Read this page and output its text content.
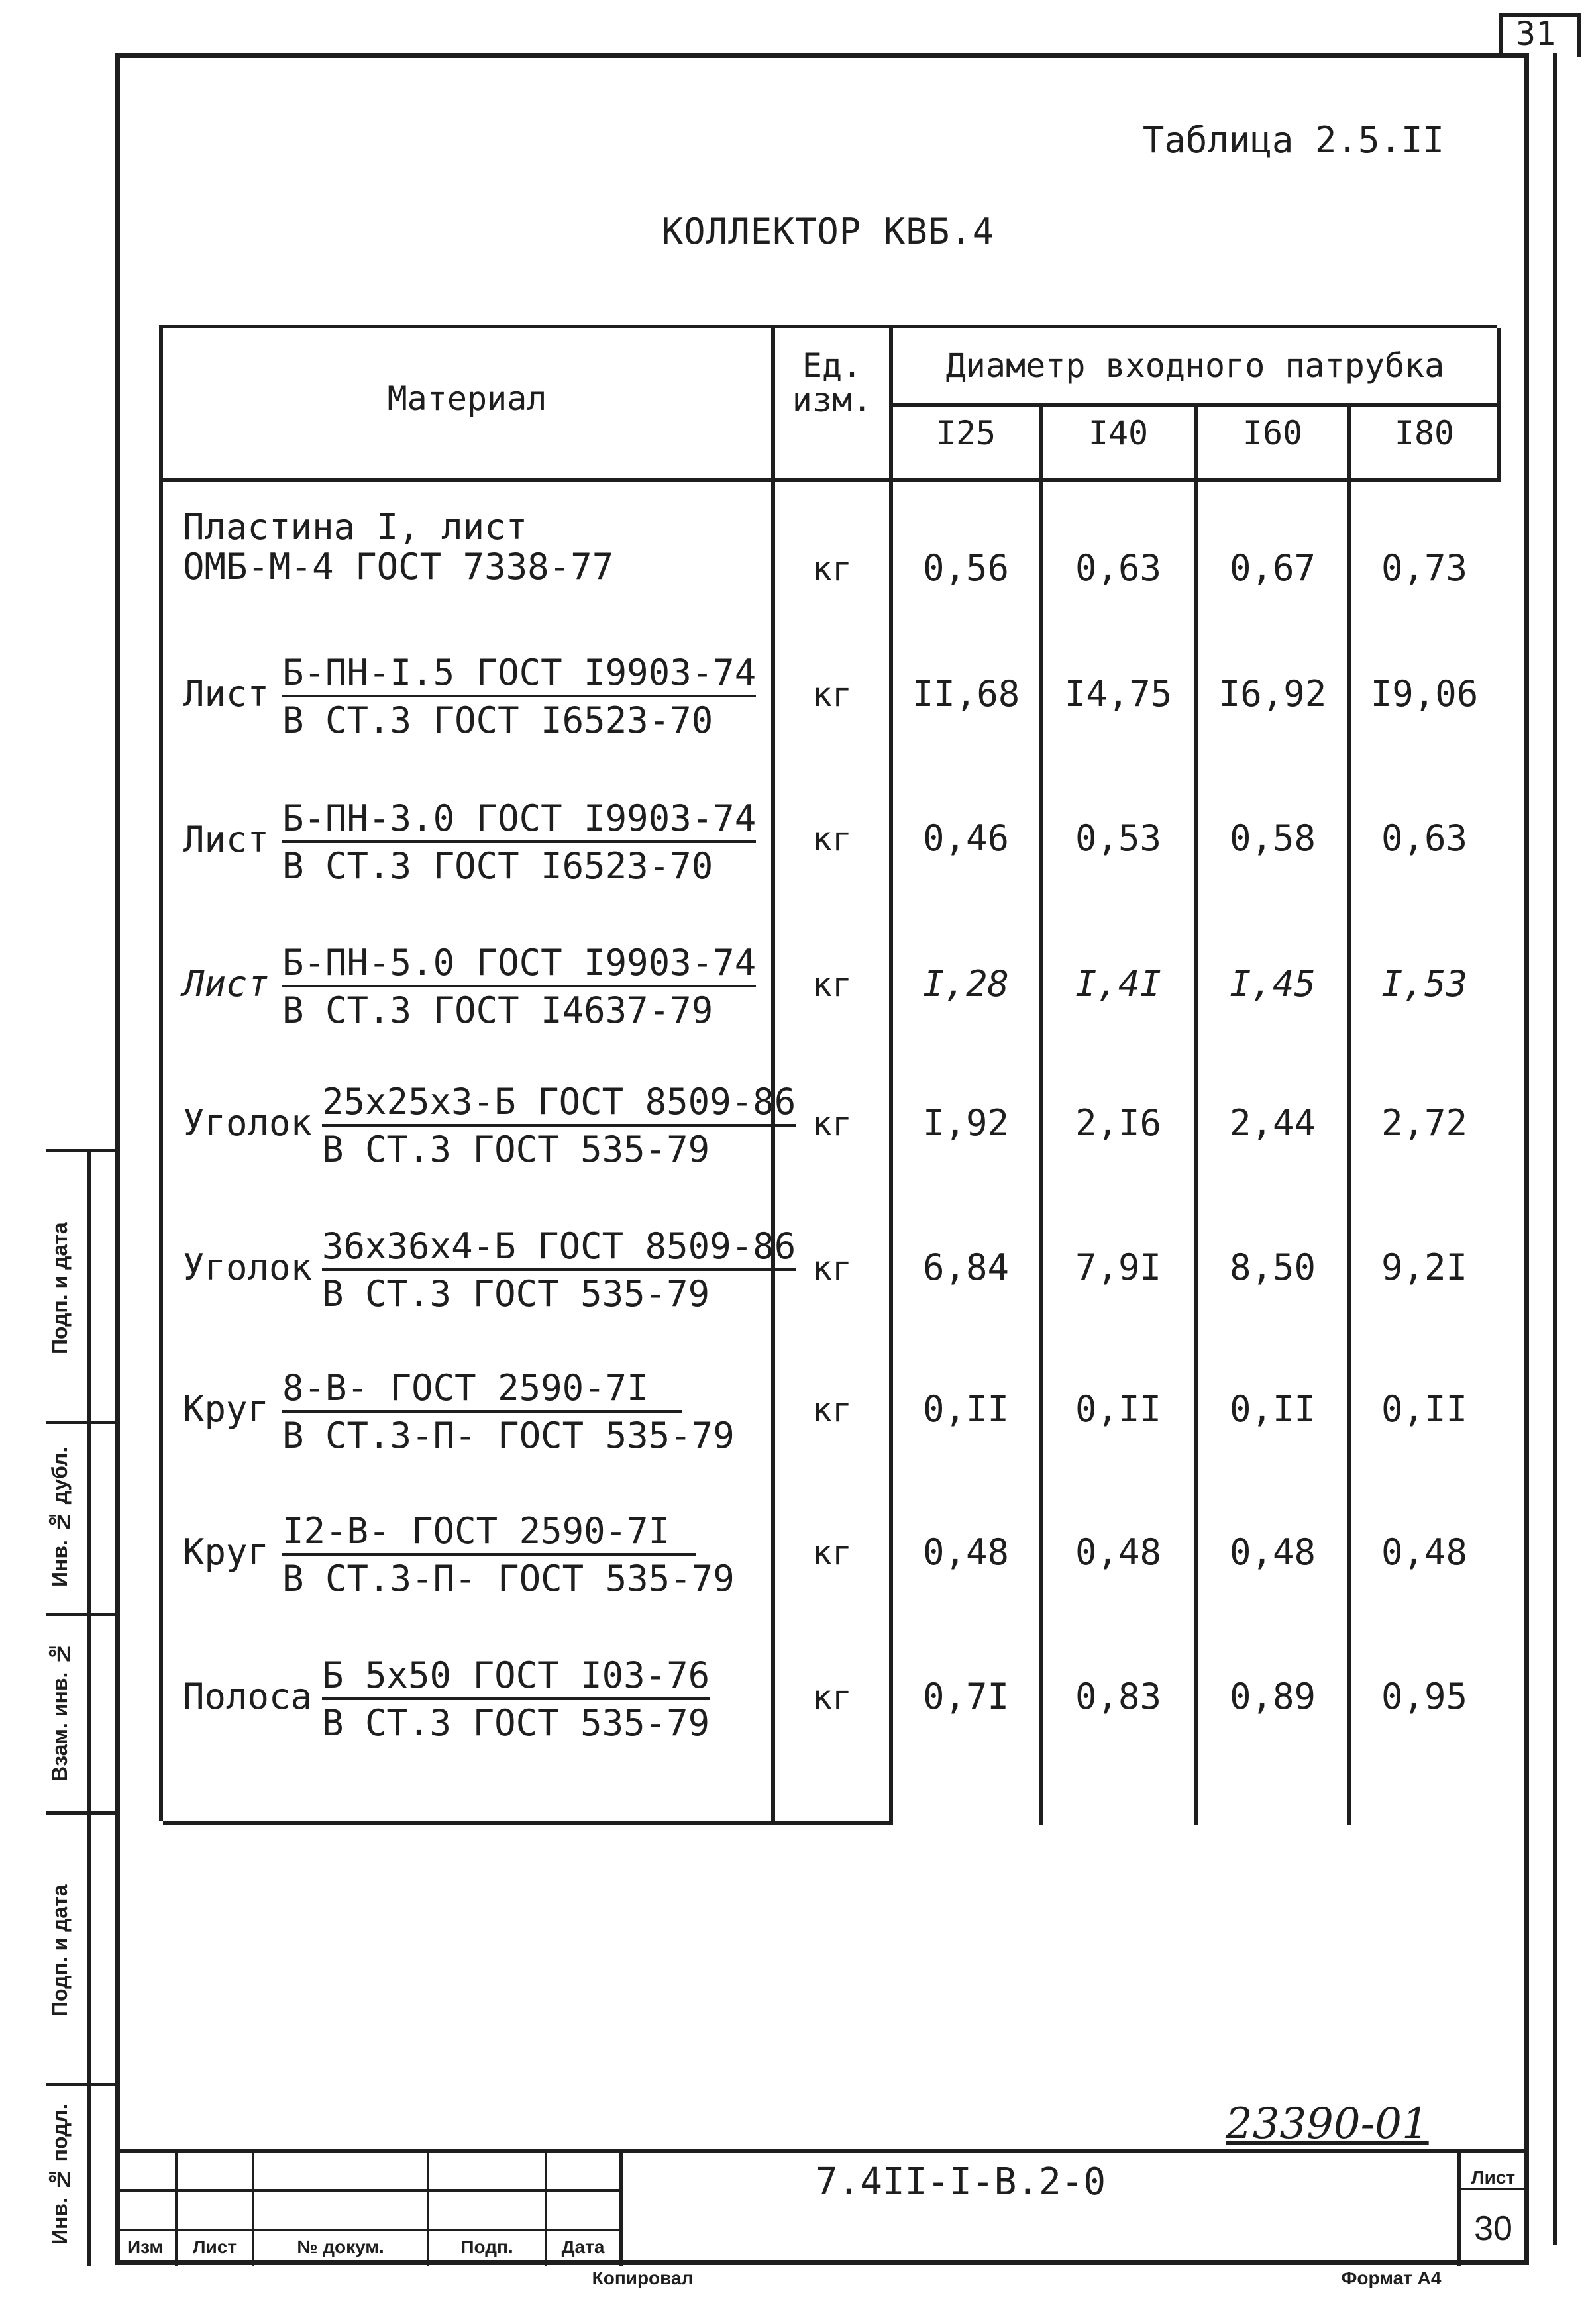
31
Таблица 2.5.II
КОЛЛЕКТОР КВБ.4
Материал
Ед. изм.
Диаметр входного патрубка
I25	I40	I60	I80
Пластина I, лист
ОМБ-М-4 ГОСТ 7338-77	кг	0,56	0,63	0,67	0,73
Лист
Б-ПН-I.5 ГОСТ I9903-74
В СТ.3 ГОСТ I6523-70
кг	II,68	I4,75	I6,92	I9,06
Лист
Б-ПН-3.0 ГОСТ I9903-74
В СТ.3 ГОСТ I6523-70
кг	0,46	0,53	0,58	0,63
Лист
Б-ПН-5.0 ГОСТ I9903-74
В СТ.3 ГОСТ I4637-79
кг	I,28	I,4I	I,45	I,53
Уголок
25х25х3-Б ГОСТ 8509-86
В СТ.3 ГОСТ 535-79
кг	I,92	2,I6	2,44	2,72
Уголок
36х36х4-Б ГОСТ 8509-86
В СТ.3 ГОСТ 535-79
кг	6,84	7,9I	8,50	9,2I
Круг
8-В- ГОСТ 2590-7I
В СТ.3-П- ГОСТ 535-79
кг	0,II	0,II	0,II	0,II
Круг
I2-В- ГОСТ 2590-7I
В СТ.3-П- ГОСТ 535-79
кг	0,48	0,48	0,48	0,48
Полоса
Б 5х50 ГОСТ I03-76
В СТ.3 ГОСТ 535-79
кг	0,7I	0,83	0,89	0,95
Подп. и дата
Инв. № дубл.
Взам. инв. №
Подп. и дата
Инв. № подл.
Изм	Лист	№ докум.	Подп.	Дата
7.4II-I-В.2-0	Лист
30
23390-01
Копировал	Формат А4
